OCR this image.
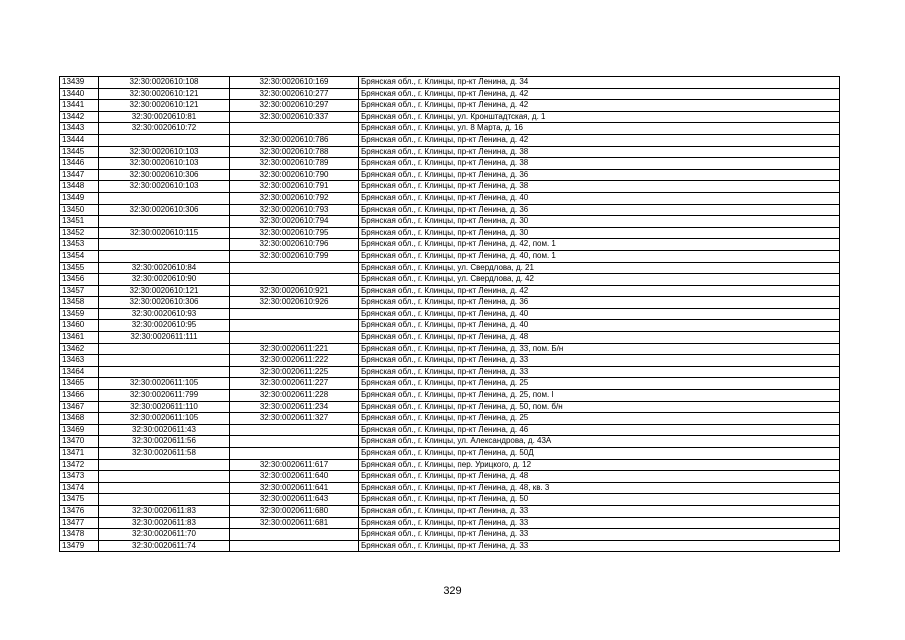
13439	32:30:0020610:108	32:30:0020610:169	Брянская обл., г. Клинцы, пр-кт Ленина, д. 34
13440	32:30:0020610:121	32:30:0020610:277	Брянская обл., г. Клинцы, пр-кт Ленина, д. 42
13441	32:30:0020610:121	32:30:0020610:297	Брянская обл., г. Клинцы, пр-кт Ленина, д. 42
13442	32:30:0020610:81	32:30:0020610:337	Брянская обл., г. Клинцы, ул. Кронштадтская, д. 1
13443	32:30:0020610:72		Брянская обл., г. Клинцы, ул. 8 Марта, д. 16
13444		32:30:0020610:786	Брянская обл., г. Клинцы, пр-кт Ленина, д. 42
13445	32:30:0020610:103	32:30:0020610:788	Брянская обл., г. Клинцы, пр-кт Ленина, д. 38
13446	32:30:0020610:103	32:30:0020610:789	Брянская обл., г. Клинцы, пр-кт Ленина, д. 38
13447	32:30:0020610:306	32:30:0020610:790	Брянская обл., г. Клинцы, пр-кт Ленина, д. 36
13448	32:30:0020610:103	32:30:0020610:791	Брянская обл., г. Клинцы, пр-кт Ленина, д. 38
13449		32:30:0020610:792	Брянская обл., г. Клинцы, пр-кт Ленина, д. 40
13450	32:30:0020610:306	32:30:0020610:793	Брянская обл., г. Клинцы, пр-кт Ленина, д. 36
13451		32:30:0020610:794	Брянская обл., г. Клинцы, пр-кт Ленина, д. 30
13452	32:30:0020610:115	32:30:0020610:795	Брянская обл., г. Клинцы, пр-кт Ленина, д. 30
13453		32:30:0020610:796	Брянская обл., г. Клинцы, пр-кт Ленина, д. 42, пом. 1
13454		32:30:0020610:799	Брянская обл., г. Клинцы, пр-кт Ленина, д. 40, пом. 1
13455	32:30:0020610:84		Брянская обл., г. Клинцы, ул. Свердлова, д. 21
13456	32:30:0020610:90		Брянская обл., г. Клинцы, ул. Свердлова, д. 42
13457	32:30:0020610:121	32:30:0020610:921	Брянская обл., г. Клинцы, пр-кт Ленина, д. 42
13458	32:30:0020610:306	32:30:0020610:926	Брянская обл., г. Клинцы, пр-кт Ленина, д. 36
13459	32:30:0020610:93		Брянская обл., г. Клинцы, пр-кт Ленина, д. 40
13460	32:30:0020610:95		Брянская обл., г. Клинцы, пр-кт Ленина, д. 40
13461	32:30:0020611:111		Брянская обл., г. Клинцы, пр-кт Ленина, д. 48
13462		32:30:0020611:221	Брянская обл., г. Клинцы, пр-кт Ленина, д. 33, пом. Б/н
13463		32:30:0020611:222	Брянская обл., г. Клинцы, пр-кт Ленина, д. 33
13464		32:30:0020611:225	Брянская обл., г. Клинцы, пр-кт Ленина, д. 33
13465	32:30:0020611:105	32:30:0020611:227	Брянская обл., г. Клинцы, пр-кт Ленина, д. 25
13466	32:30:0020611:799	32:30:0020611:228	Брянская обл., г. Клинцы, пр-кт Ленина, д. 25, пом. I
13467	32:30:0020611:110	32:30:0020611:234	Брянская обл., г. Клинцы, пр-кт Ленина, д. 50, пом. б/н
13468	32:30:0020611:105	32:30:0020611:327	Брянская обл., г. Клинцы, пр-кт Ленина, д. 25
13469	32:30:0020611:43		Брянская обл., г. Клинцы, пр-кт Ленина, д. 46
13470	32:30:0020611:56		Брянская обл., г. Клинцы, ул. Александрова, д. 43А
13471	32:30:0020611:58		Брянская обл., г. Клинцы, пр-кт Ленина, д. 50Д
13472		32:30:0020611:617	Брянская обл., г. Клинцы, пер. Урицкого, д. 12
13473		32:30:0020611:640	Брянская обл., г. Клинцы, пр-кт Ленина, д. 48
13474		32:30:0020611:641	Брянская обл., г. Клинцы, пр-кт Ленина, д. 48, кв. 3
13475		32:30:0020611:643	Брянская обл., г. Клинцы, пр-кт Ленина, д. 50
13476	32:30:0020611:83	32:30:0020611:680	Брянская обл., г. Клинцы, пр-кт Ленина, д. 33
13477	32:30:0020611:83	32:30:0020611:681	Брянская обл., г. Клинцы, пр-кт Ленина, д. 33
13478	32:30:0020611:70		Брянская обл., г. Клинцы, пр-кт Ленина, д. 33
13479	32:30:0020611:74		Брянская обл., г. Клинцы, пр-кт Ленина, д. 33
329
